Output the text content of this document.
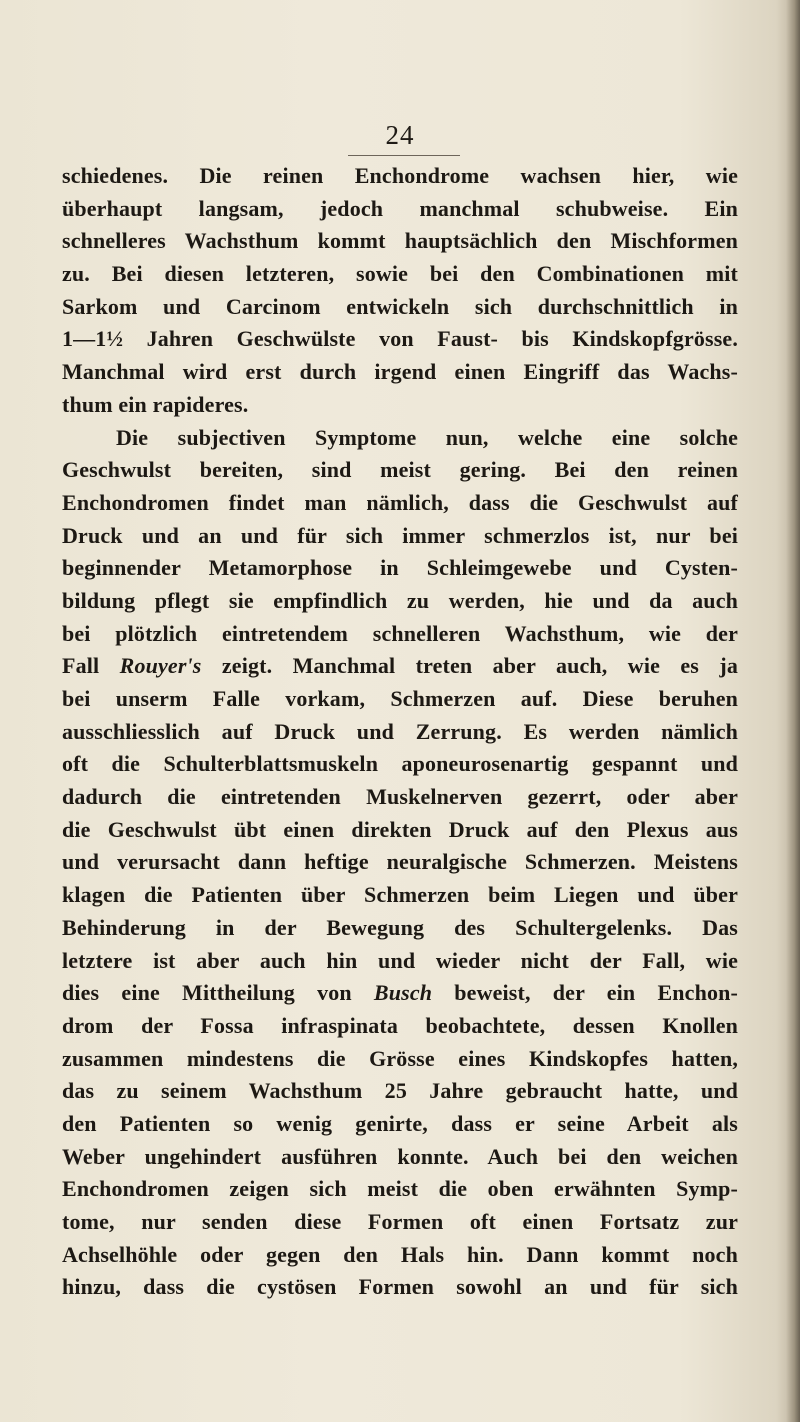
24
schiedenes. Die reinen Enchondrome wachsen hier, wie
überhaupt langsam, jedoch manchmal schubweise. Ein
schnelleres Wachsthum kommt hauptsächlich den Mischformen
zu. Bei diesen letzteren, sowie bei den Combinationen mit
Sarkom und Carcinom entwickeln sich durchschnittlich in
1—1½ Jahren Geschwülste von Faust- bis Kindskopfgrösse.
Manchmal wird erst durch irgend einen Eingriff das Wachs-
thum ein rapideres.
Die subjectiven Symptome nun, welche eine solche
Geschwulst bereiten, sind meist gering. Bei den reinen
Enchondromen findet man nämlich, dass die Geschwulst auf
Druck und an und für sich immer schmerzlos ist, nur bei
beginnender Metamorphose in Schleimgewebe und Cysten-
bildung pflegt sie empfindlich zu werden, hie und da auch
bei plötzlich eintretendem schnelleren Wachsthum, wie der
Fall Rouyer's zeigt. Manchmal treten aber auch, wie es ja
bei unserm Falle vorkam, Schmerzen auf. Diese beruhen
ausschliesslich auf Druck und Zerrung. Es werden nämlich
oft die Schulterblattsmuskeln aponeurosenartig gespannt und
dadurch die eintretenden Muskelnerven gezerrt, oder aber
die Geschwulst übt einen direkten Druck auf den Plexus aus
und verursacht dann heftige neuralgische Schmerzen. Meistens
klagen die Patienten über Schmerzen beim Liegen und über
Behinderung in der Bewegung des Schultergelenks. Das
letztere ist aber auch hin und wieder nicht der Fall, wie
dies eine Mittheilung von Busch beweist, der ein Enchon-
drom der Fossa infraspinata beobachtete, dessen Knollen
zusammen mindestens die Grösse eines Kindskopfes hatten,
das zu seinem Wachsthum 25 Jahre gebraucht hatte, und
den Patienten so wenig genirte, dass er seine Arbeit als
Weber ungehindert ausführen konnte. Auch bei den weichen
Enchondromen zeigen sich meist die oben erwähnten Symp-
tome, nur senden diese Formen oft einen Fortsatz zur
Achselhöhle oder gegen den Hals hin. Dann kommt noch
hinzu, dass die cystösen Formen sowohl an und für sich
